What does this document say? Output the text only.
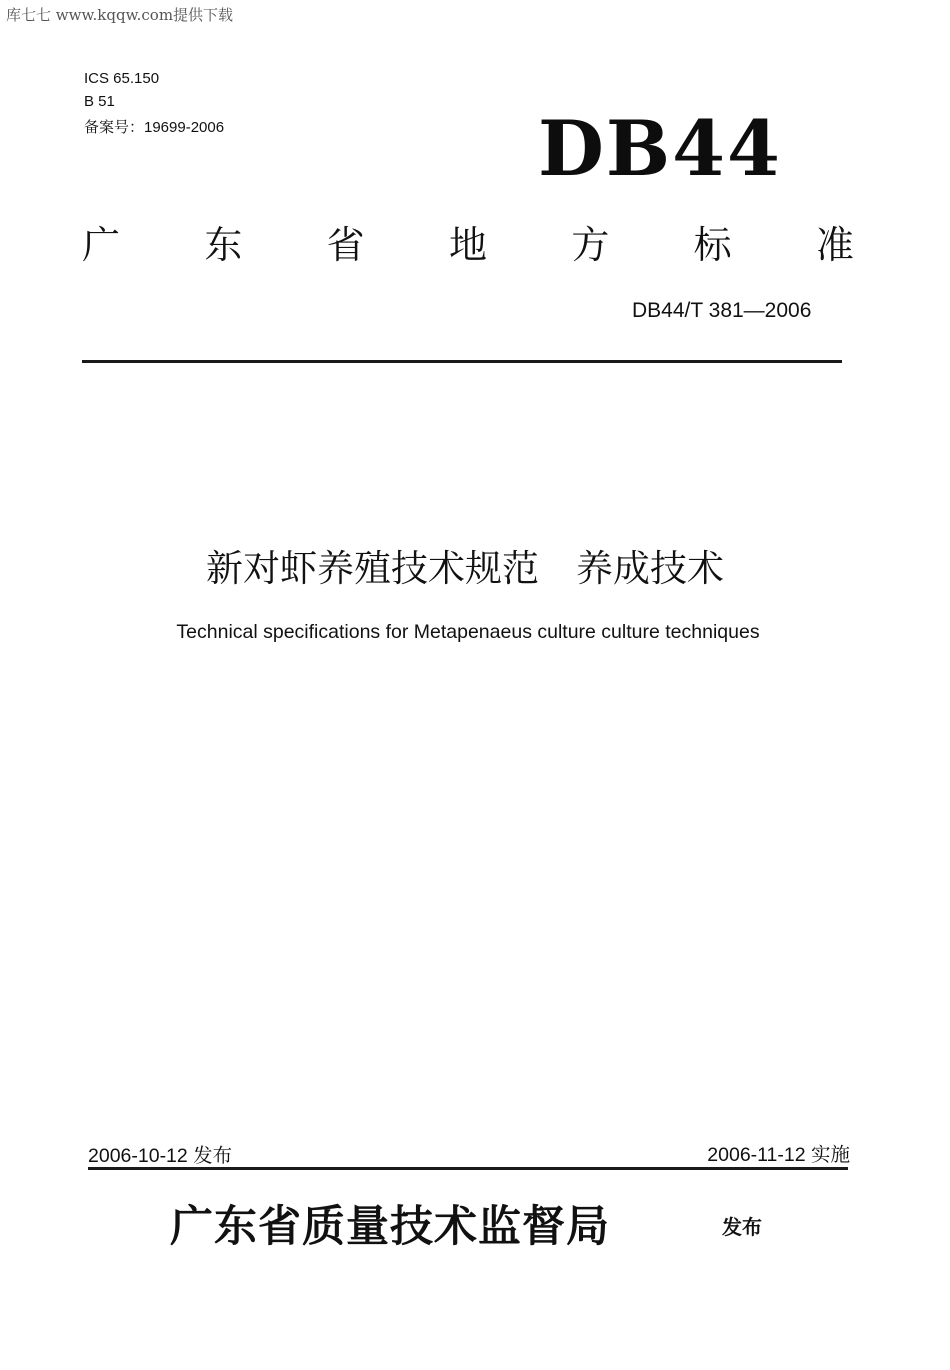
库七七 www.kqqw.com提供下载
ICS 65.150
B 51
备案号：19699-2006	DB44
广 东 省 地 方 标 准
DB44/T 381—2006
新对虾养殖技术规范　养成技术
Technical specifications for Metapenaeus culture culture techniques
2006-10-12 发布	2006-11-12 实施
广东省质量技术监督局	发布
